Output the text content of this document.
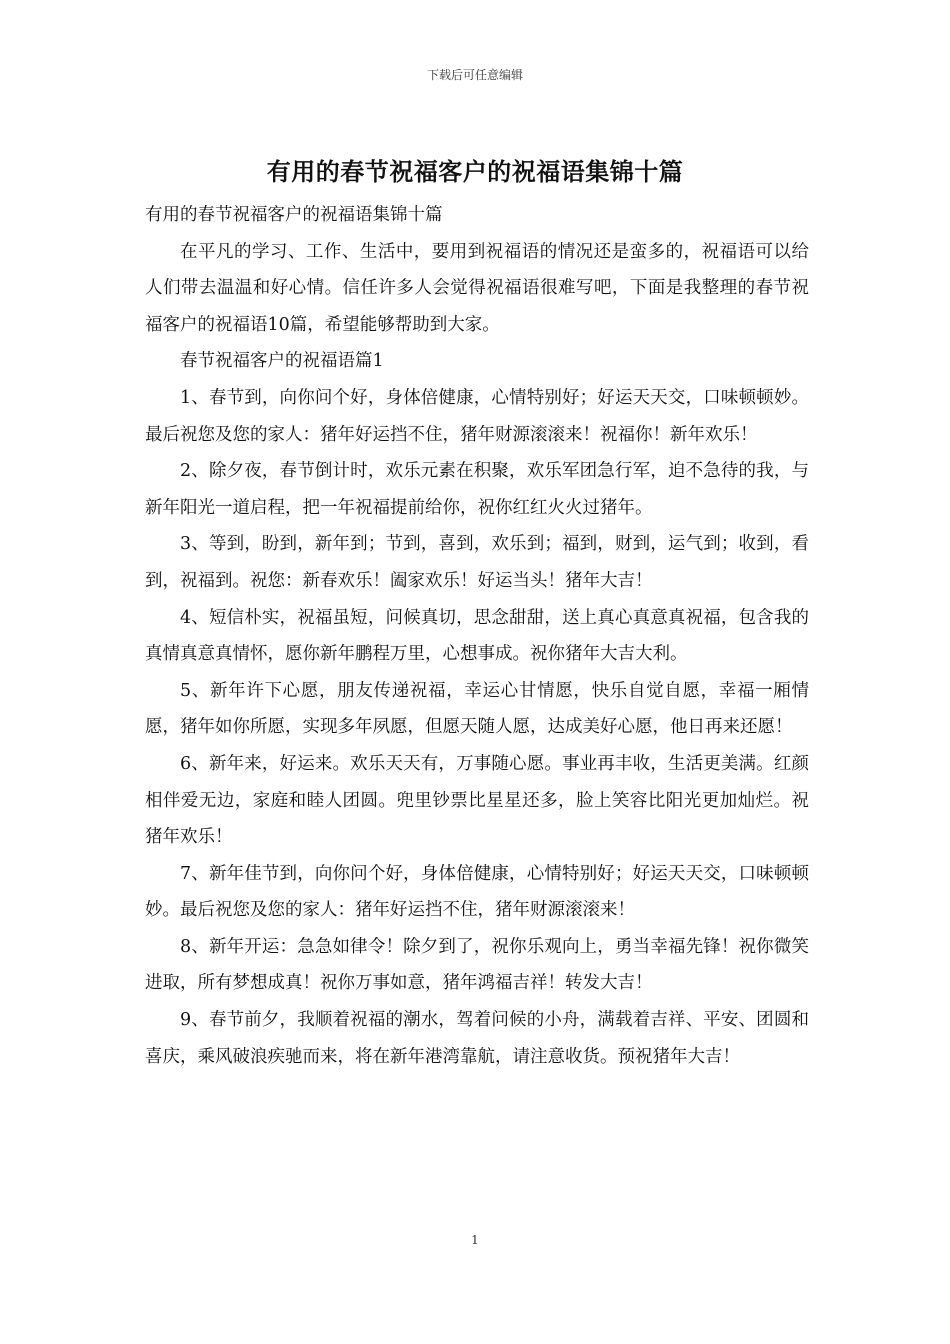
下载后可任意编辑
有用的春节祝福客户的祝福语集锦十篇

有用的春节祝福客户的祝福语集锦十篇

在平凡的学习、工作、生活中，要用到祝福语的情况还是蛮多的，祝福语可以给人们带去温温和好心情。信任许多人会觉得祝福语很难写吧，下面是我整理的春节祝福客户的祝福语10篇，希望能够帮助到大家。

春节祝福客户的祝福语篇1

1、春节到，向你问个好，身体倍健康，心情特别好；好运天天交，口味顿顿妙。最后祝您及您的家人：猪年好运挡不住，猪年财源滚滚来！祝福你！新年欢乐！

2、除夕夜，春节倒计时，欢乐元素在积聚，欢乐军团急行军，迫不急待的我，与新年阳光一道启程，把一年祝福提前给你，祝你红红火火过猪年。

3、等到，盼到，新年到；节到，喜到，欢乐到；福到，财到，运气到；收到，看到，祝福到。祝您：新春欢乐！阖家欢乐！好运当头！猪年大吉！

4、短信朴实，祝福虽短，问候真切，思念甜甜，送上真心真意真祝福，包含我的真情真意真情怀，愿你新年鹏程万里，心想事成。祝你猪年大吉大利。

5、新年许下心愿，朋友传递祝福，幸运心甘情愿，快乐自觉自愿，幸福一厢情愿，猪年如你所愿，实现多年夙愿，但愿天随人愿，达成美好心愿，他日再来还愿！

6、新年来，好运来。欢乐天天有，万事随心愿。事业再丰收，生活更美满。红颜相伴爱无边，家庭和睦人团圆。兜里钞票比星星还多，脸上笑容比阳光更加灿烂。祝猪年欢乐！

7、新年佳节到，向你问个好，身体倍健康，心情特别好；好运天天交，口味顿顿妙。最后祝您及您的家人：猪年好运挡不住，猪年财源滚滚来！

8、新年开运：急急如律令！除夕到了，祝你乐观向上，勇当幸福先锋！祝你微笑进取，所有梦想成真！祝你万事如意，猪年鸿福吉祥！转发大吉！

9、春节前夕，我顺着祝福的潮水，驾着问候的小舟，满载着吉祥、平安、团圆和喜庆，乘风破浪疾驰而来，将在新年港湾靠航，请注意收货。预祝猪年大吉！

1
